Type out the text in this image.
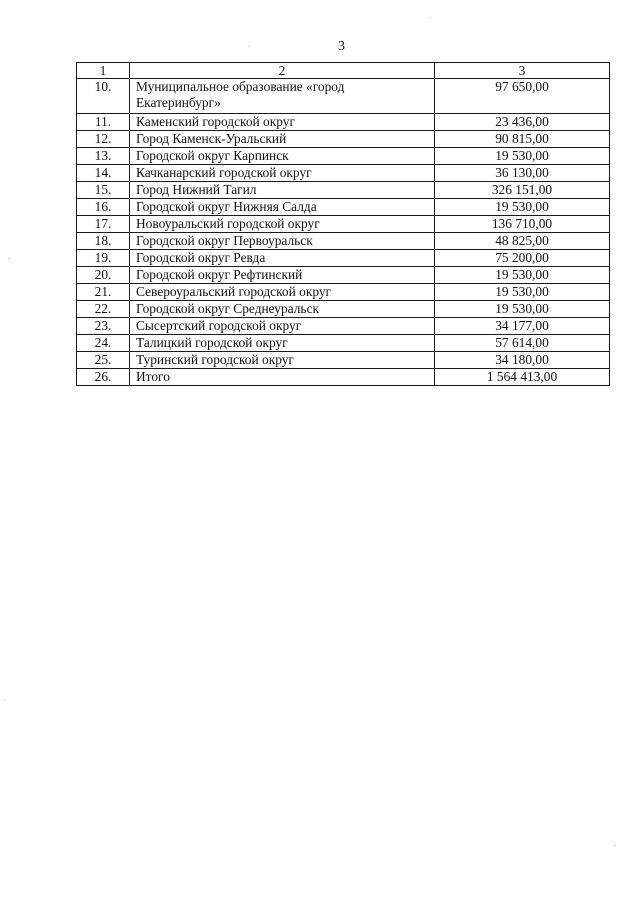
3
1	2	3
10.	Муниципальное образование «город Екатеринбург»	97 650,00
11.	Каменский городской округ	23 436,00
12.	Город Каменск-Уральский	90 815,00
13.	Городской округ Карпинск	19 530,00
14.	Качканарский городской округ	36 130,00
15.	Город Нижний Тагил	326 151,00
16.	Городской округ Нижняя Салда	19 530,00
17.	Новоуральский городской округ	136 710,00
18.	Городской округ Первоуральск	48 825,00
19.	Городской округ Ревда	75 200,00
20.	Городской округ Рефтинский	19 530,00
21.	Североуральский городской округ	19 530,00
22.	Городской округ Среднеуральск	19 530,00
23.	Сысертский городской округ	34 177,00
24.	Талицкий городской округ	57 614,00
25.	Туринский городской округ	34 180,00
26.	Итого	1 564 413,00
